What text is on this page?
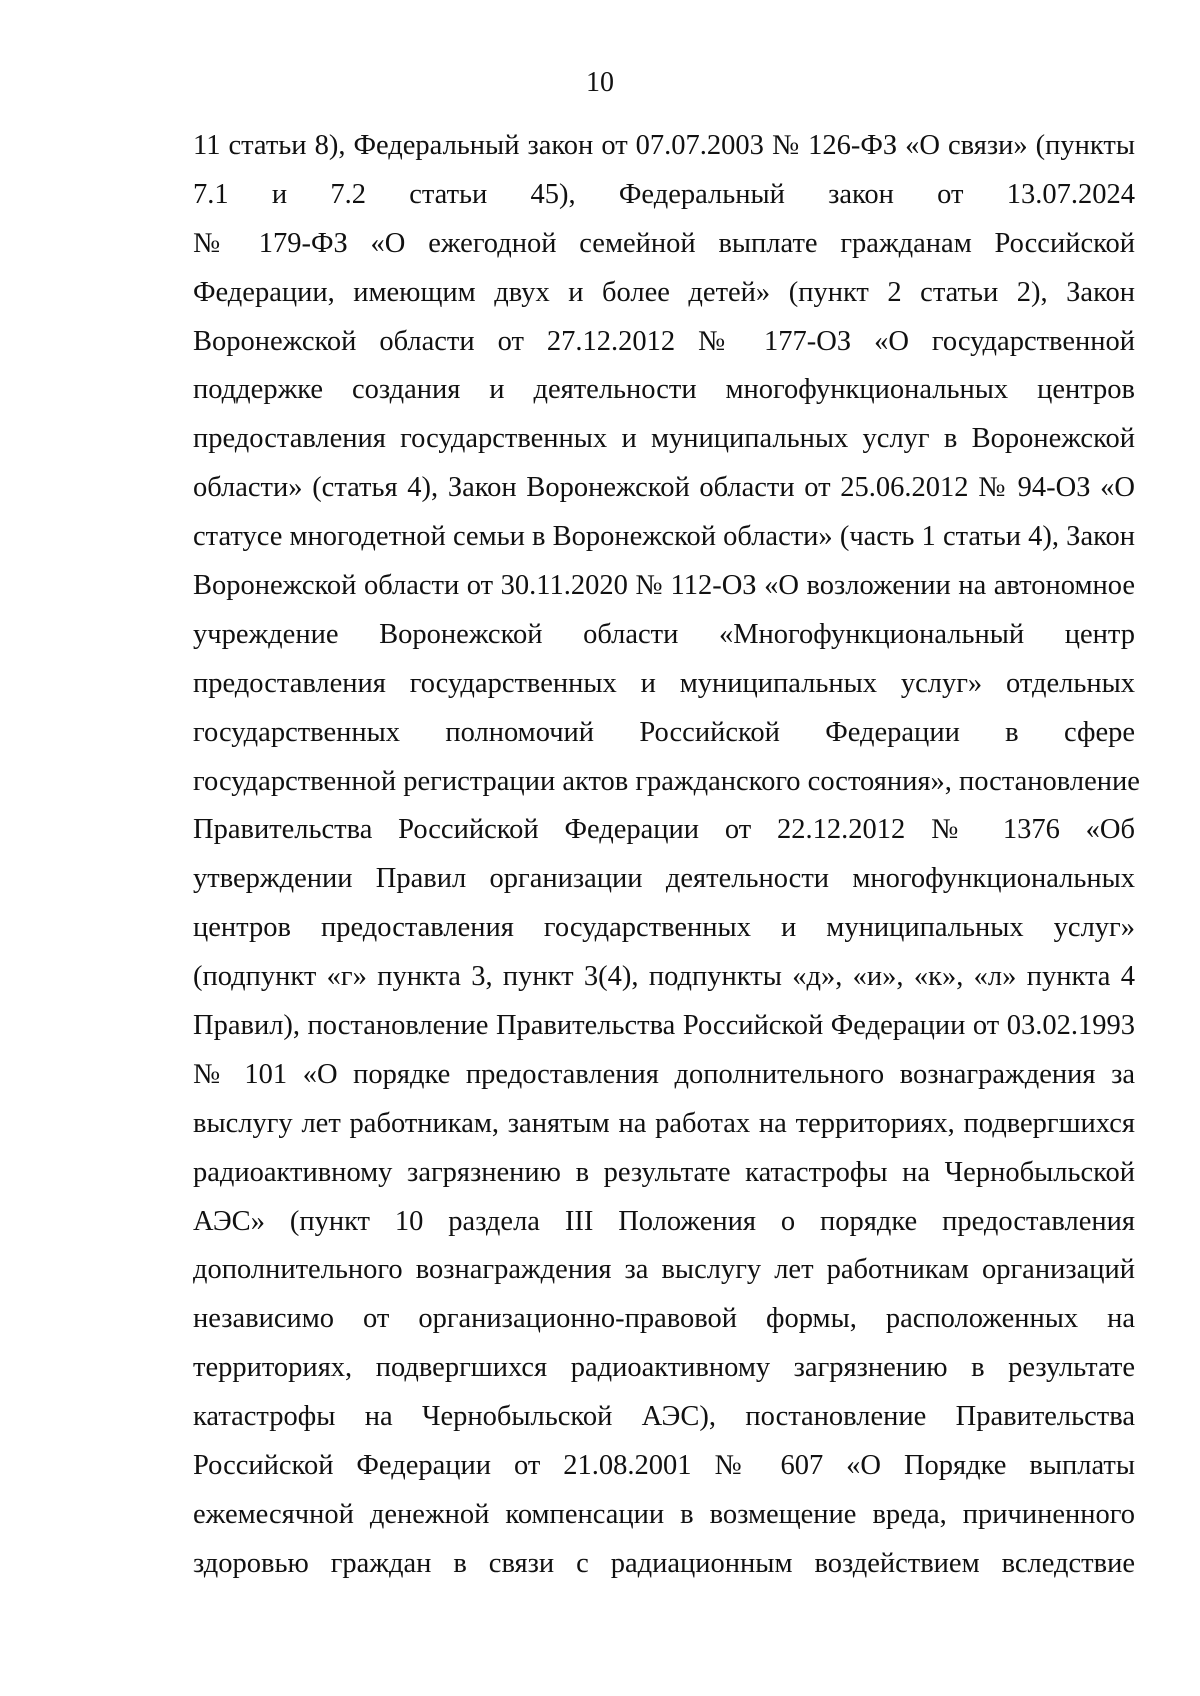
10
11 статьи 8), Федеральный закон от 07.07.2003 № 126-ФЗ «О связи» (пункты
7.1 и 7.2 статьи 45), Федеральный закон от 13.07.2024
№ 179-ФЗ «О ежегодной семейной выплате гражданам Российской
Федерации, имеющим двух и более детей» (пункт 2 статьи 2), Закон
Воронежской области от 27.12.2012 № 177-ОЗ «О государственной
поддержке создания и деятельности многофункциональных центров
предоставления государственных и муниципальных услуг в Воронежской
области» (статья 4), Закон Воронежской области от 25.06.2012 № 94-ОЗ «О
статусе многодетной семьи в Воронежской области» (часть 1 статьи 4), Закон
Воронежской области от 30.11.2020 № 112-ОЗ «О возложении на автономное
учреждение Воронежской области «Многофункциональный центр
предоставления государственных и муниципальных услуг» отдельных
государственных полномочий Российской Федерации в сфере
государственной регистрации актов гражданского состояния», постановление
Правительства Российской Федерации от 22.12.2012 № 1376 «Об
утверждении Правил организации деятельности многофункциональных
центров предоставления государственных и муниципальных услуг»
(подпункт «г» пункта 3, пункт 3(4), подпункты «д», «и», «к», «л» пункта 4
Правил), постановление Правительства Российской Федерации от 03.02.1993
№ 101 «О порядке предоставления дополнительного вознаграждения за
выслугу лет работникам, занятым на работах на территориях, подвергшихся
радиоактивному загрязнению в результате катастрофы на Чернобыльской
АЭС» (пункт 10 раздела III Положения о порядке предоставления
дополнительного вознаграждения за выслугу лет работникам организаций
независимо от организационно-правовой формы, расположенных на
территориях, подвергшихся радиоактивному загрязнению в результате
катастрофы на Чернобыльской АЭС), постановление Правительства
Российской Федерации от 21.08.2001 № 607 «О Порядке выплаты
ежемесячной денежной компенсации в возмещение вреда, причиненного
здоровью граждан в связи с радиационным воздействием вследствие
